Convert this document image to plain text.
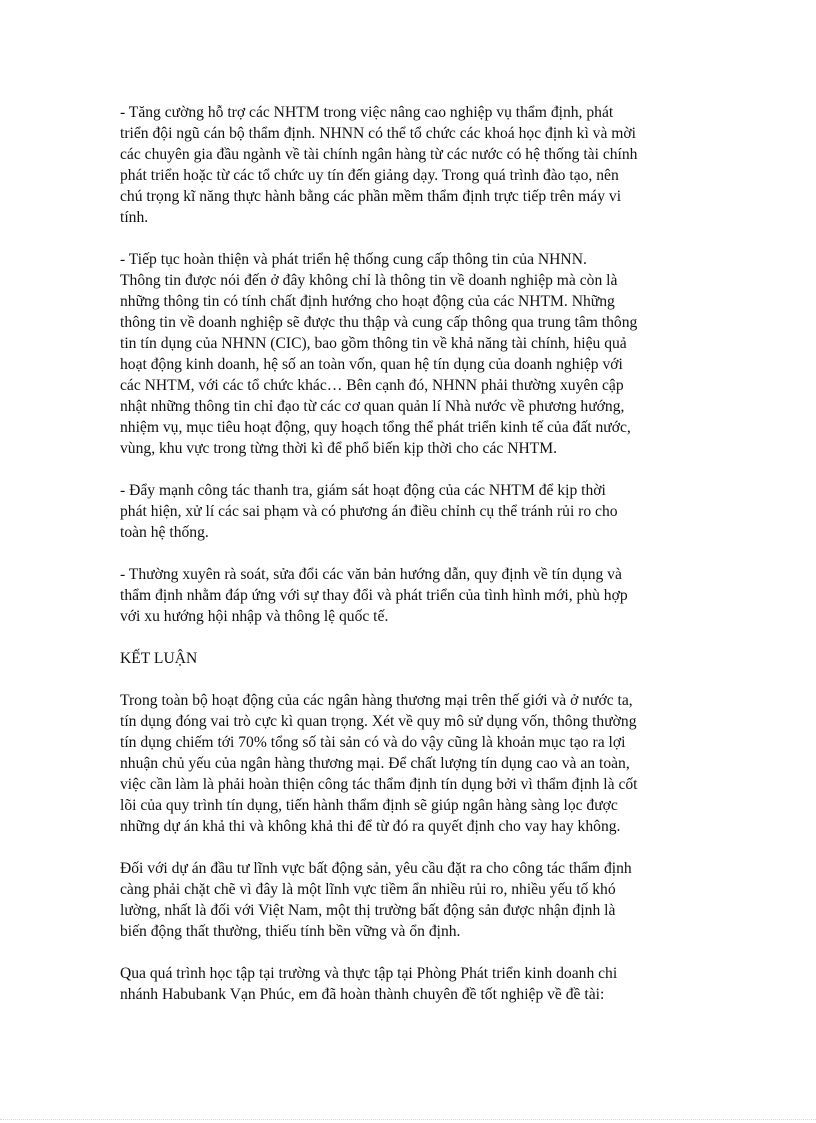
- Tăng cường hỗ trợ các NHTM trong việc nâng cao nghiệp vụ thẩm định, phát
triển đội ngũ cán bộ thẩm định. NHNN có thể tổ chức các khoá học định kì và mời
các chuyên gia đầu ngành về tài chính ngân hàng từ các nước có hệ thống tài chính
phát triển hoặc từ các tổ chức uy tín đến giảng dạy. Trong quá trình đào tạo, nên
chú trọng kĩ năng thực hành bằng các phần mềm thẩm định trực tiếp trên máy vi
tính.
- Tiếp tục hoàn thiện và phát triển hệ thống cung cấp thông tin của NHNN.
Thông tin được nói đến ở đây không chỉ là thông tin về doanh nghiệp mà còn là
những thông tin có tính chất định hướng cho hoạt động của các NHTM. Những
thông tin về doanh nghiệp sẽ được thu thập và cung cấp thông qua trung tâm thông
tin tín dụng của NHNN (CIC), bao gồm thông tin về khả năng tài chính, hiệu quả
hoạt động kinh doanh, hệ số an toàn vốn, quan hệ tín dụng của doanh nghiệp với
các NHTM, với các tổ chức khác… Bên cạnh đó, NHNN phải thường xuyên cập
nhật những thông tin chỉ đạo từ các cơ quan quản lí Nhà nước về phương hướng,
nhiệm vụ, mục tiêu hoạt động, quy hoạch tổng thể phát triển kinh tế của đất nước,
vùng, khu vực trong từng thời kì để phổ biến kịp thời cho các NHTM.
- Đẩy mạnh công tác thanh tra, giám sát hoạt động của các NHTM để kịp thời
phát hiện, xử lí các sai phạm và có phương án điều chỉnh cụ thể tránh rủi ro cho
toàn hệ thống.
- Thường xuyên rà soát, sửa đổi các văn bản hướng dẫn, quy định về tín dụng và
thẩm định nhằm đáp ứng với sự thay đổi và phát triển của tình hình mới, phù hợp
với xu hướng hội nhập và thông lệ quốc tế.
KẾT LUẬN
Trong toàn bộ hoạt động của các ngân hàng thương mại trên thế giới và ở nước ta,
tín dụng đóng vai trò cực kì quan trọng. Xét về quy mô sử dụng vốn, thông thường
tín dụng chiếm tới 70% tổng số tài sản có và do vậy cũng là khoản mục tạo ra lợi
nhuận chủ yếu của ngân hàng thương mại. Để chất lượng tín dụng cao và an toàn,
việc cần làm là phải hoàn thiện công tác thẩm định tín dụng bởi vì thẩm định là cốt
lõi của quy trình tín dụng, tiến hành thẩm định sẽ giúp ngân hàng sàng lọc được
những dự án khả thi và không khả thi để từ đó ra quyết định cho vay hay không.
Đối với dự án đầu tư lĩnh vực bất động sản, yêu cầu đặt ra cho công tác thẩm định
càng phải chặt chẽ vì đây là một lĩnh vực tiềm ẩn nhiều rủi ro, nhiều yếu tố khó
lường, nhất là đối với Việt Nam, một thị trường bất động sản được nhận định là
biến động thất thường, thiếu tính bền vững và ổn định.
Qua quá trình học tập tại trường và thực tập tại Phòng Phát triển kinh doanh chi
nhánh Habubank Vạn Phúc, em đã hoàn thành chuyên đề tốt nghiệp về đề tài:
